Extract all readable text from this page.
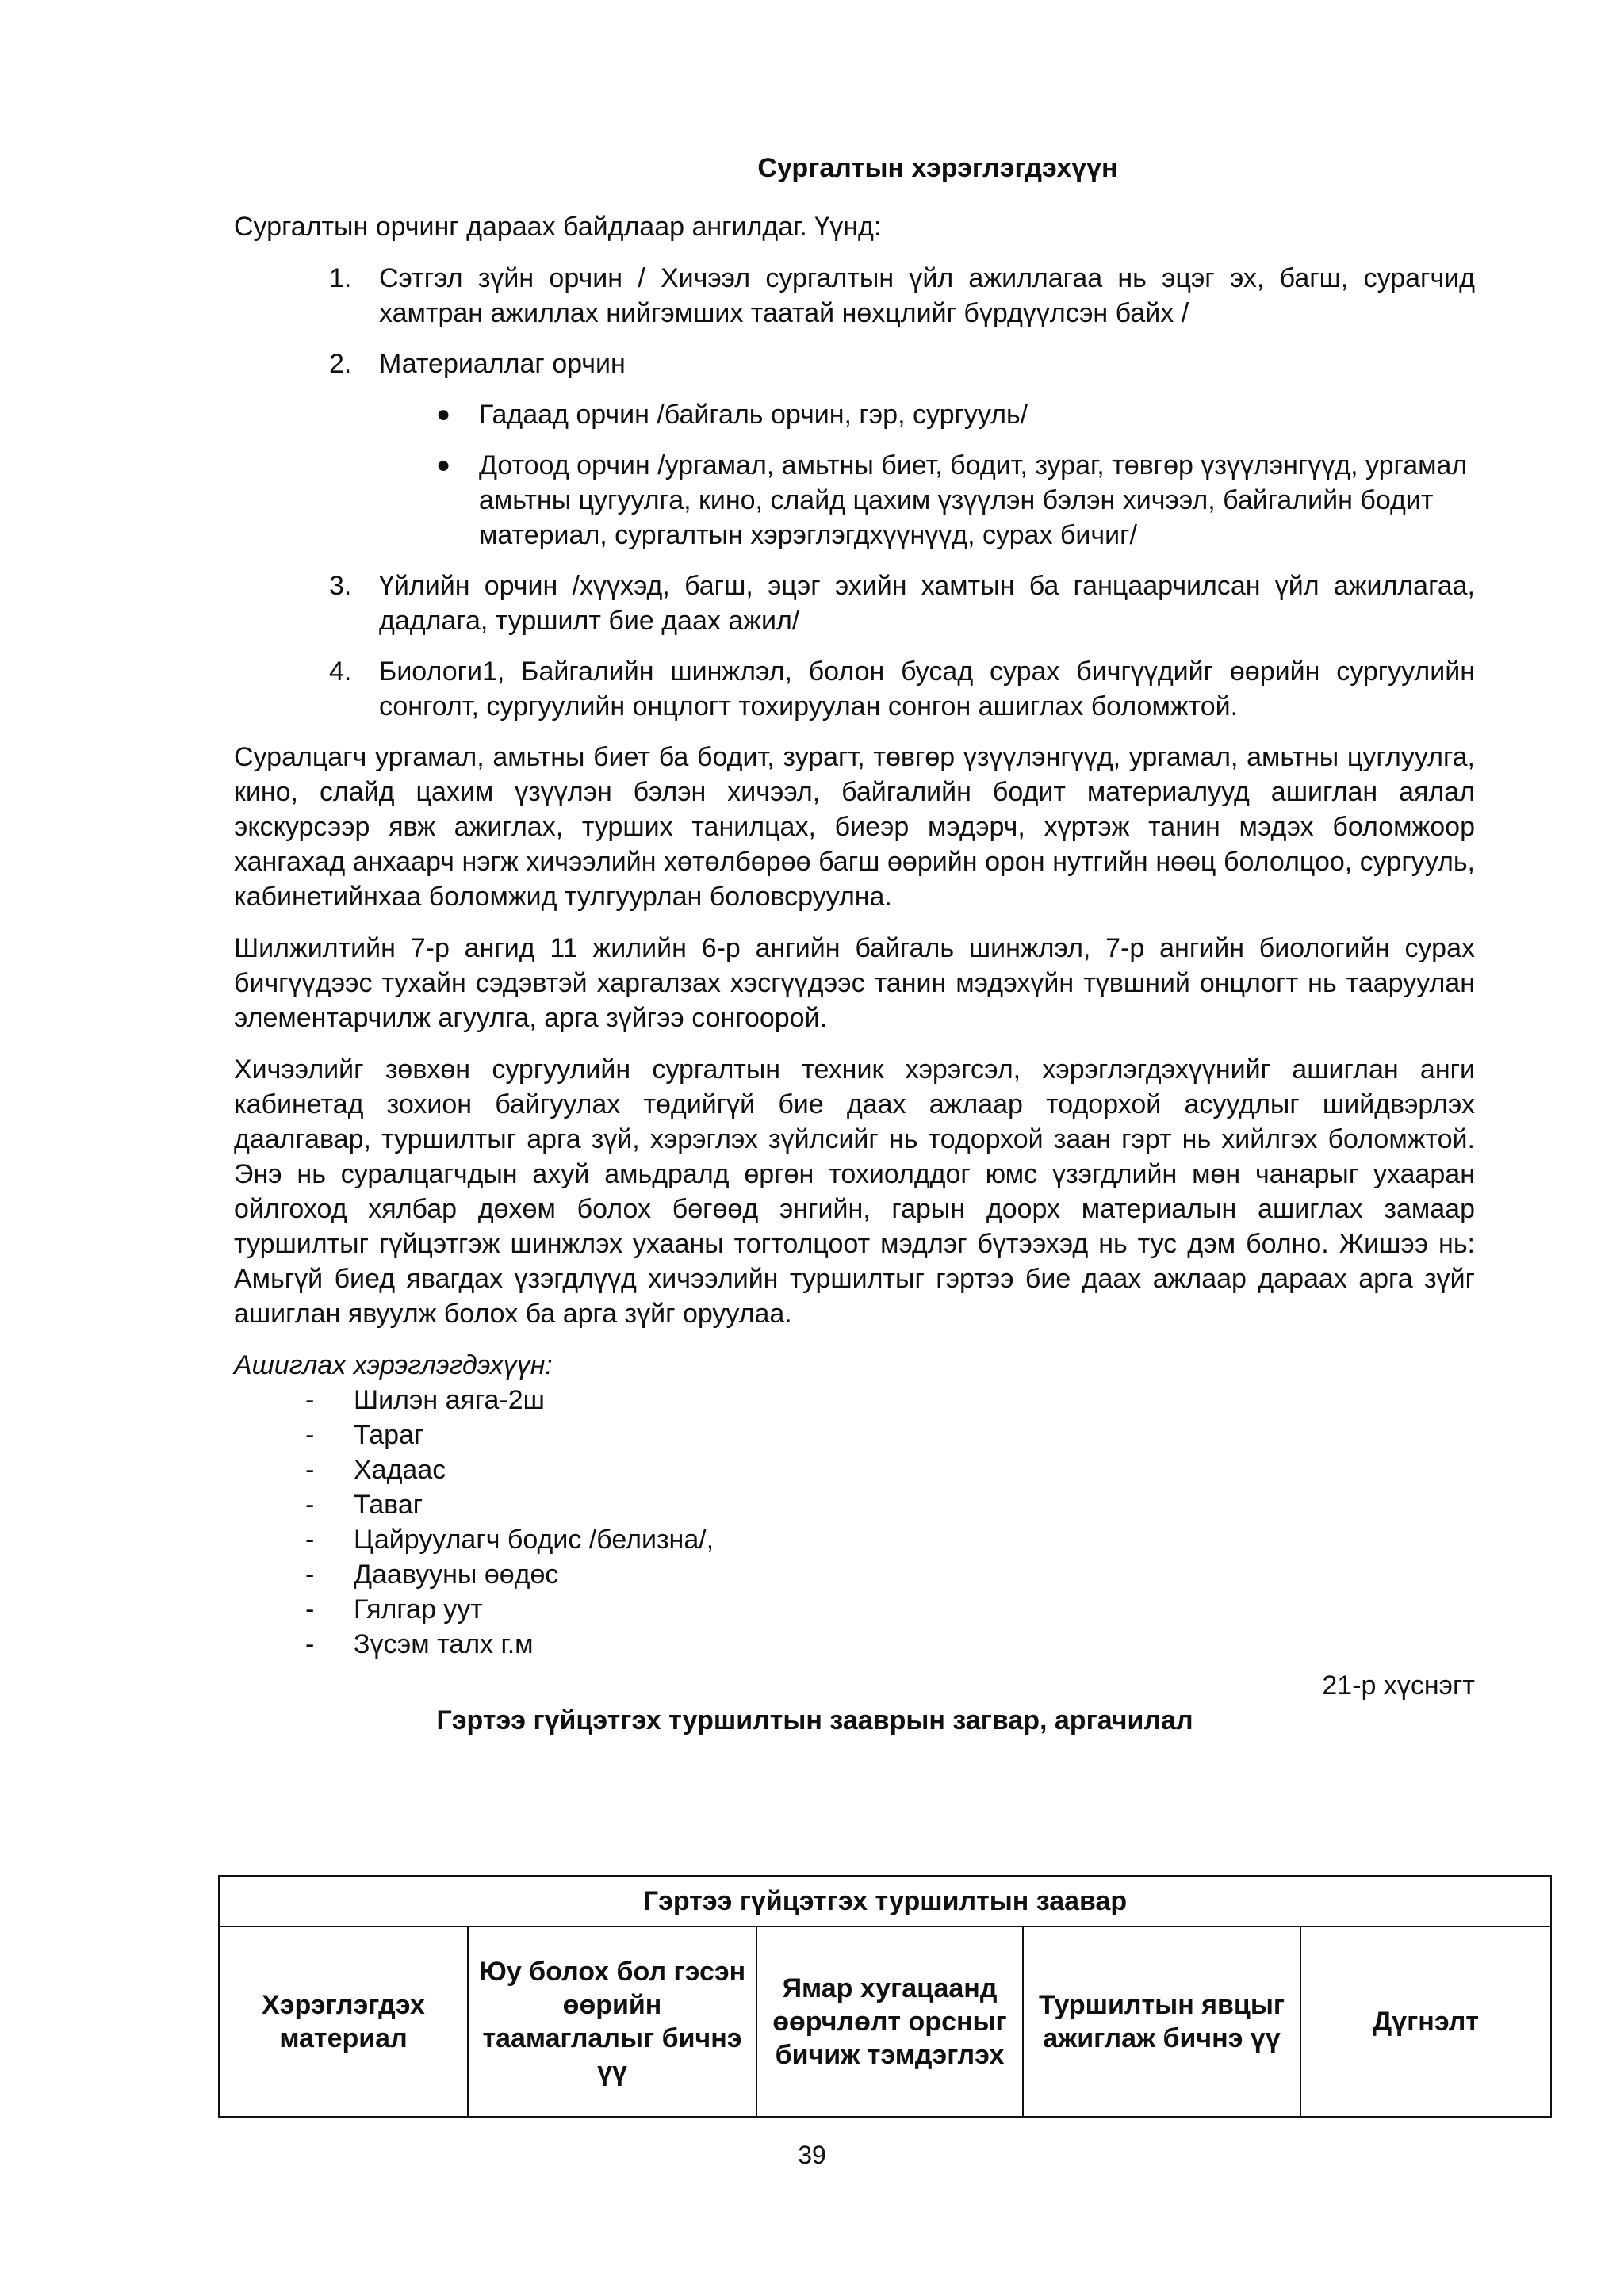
Сургалтын хэрэглэгдэхүүн
Сургалтын орчинг дараах байдлаар ангилдаг. Үүнд:
1.	Сэтгэл зүйн орчин / Хичээл сургалтын үйл ажиллагаа нь эцэг эх, багш, сурагчид хамтран ажиллах нийгэмших таатай нөхцлийг бүрдүүлсэн байх /
2.	Материаллаг орчин
●	Гадаад орчин /байгаль орчин, гэр, сургууль/
●	Дотоод орчин /ургамал, амьтны биет, бодит, зураг, төвгөр үзүүлэнгүүд, ургамал амьтны цугуулга, кино, слайд цахим үзүүлэн бэлэн хичээл, байгалийн бодит материал, сургалтын хэрэглэгдхүүнүүд, сурах бичиг/
3.	Үйлийн орчин /хүүхэд, багш, эцэг эхийн хамтын ба ганцаарчилсан үйл ажиллагаа, дадлага, туршилт бие даах ажил/
4.	Биологи1, Байгалийн шинжлэл, болон бусад сурах бичгүүдийг өөрийн сургуулийн сонголт, сургуулийн онцлогт тохируулан сонгон ашиглах боломжтой.
Суралцагч ургамал, амьтны биет ба бодит, зурагт, төвгөр үзүүлэнгүүд, ургамал, амьтны цуглуулга, кино, слайд цахим үзүүлэн бэлэн хичээл, байгалийн бодит материалууд ашиглан аялал экскурсээр явж ажиглах, турших танилцах, биеэр мэдэрч, хүртэж танин мэдэх боломжоор хангахад анхаарч нэгж хичээлийн хөтөлбөрөө багш өөрийн орон нутгийн нөөц бололцоо, сургууль, кабинетийнхаа боломжид тулгуурлан боловсруулна.
Шилжилтийн 7-р ангид 11 жилийн 6-р ангийн байгаль шинжлэл, 7-р ангийн биологийн сурах бичгүүдээс тухайн сэдэвтэй харгалзах хэсгүүдээс танин мэдэхүйн түвшний онцлогт нь тааруулан элементарчилж агуулга, арга зүйгээ сонгоорой.
Хичээлийг зөвхөн сургуулийн сургалтын техник хэрэгсэл, хэрэглэгдэхүүнийг ашиглан анги кабинетад зохион байгуулах төдийгүй бие даах ажлаар тодорхой асуудлыг шийдвэрлэх даалгавар, туршилтыг арга зүй, хэрэглэх зүйлсийг нь тодорхой заан гэрт нь хийлгэх боломжтой. Энэ нь суралцагчдын ахуй амьдралд өргөн тохиолддог юмс үзэгдлийн мөн чанарыг ухааран ойлгоход хялбар дөхөм болох бөгөөд энгийн, гарын доорх материалын ашиглах замаар туршилтыг гүйцэтгэж шинжлэх ухааны тогтолцоот мэдлэг бүтээхэд нь тус дэм болно. Жишээ нь: Амьгүй биед явагдах үзэгдлүүд хичээлийн туршилтыг гэртээ бие даах ажлаар дараах арга зүйг ашиглан явуулж болох ба арга зүйг оруулаа.
Ашиглах хэрэглэгдэхүүн:
-	Шилэн аяга-2ш
-	Тараг
-	Хадаас
-	Таваг
-	Цайруулагч бодис /белизна/,
-	Даавууны өөдөс
-	Гялгар уут
-	Зүсэм талх г.м
21-р хүснэгт
Гэртээ гүйцэтгэх туршилтын зааврын загвар, аргачилал
Гэртээ гүйцэтгэх туршилтын заавар
Хэрэглэгдэх материал	Юу болох бол гэсэн өөрийн таамаглалыг бичнэ үү	Ямар хугацаанд өөрчлөлт орсныг бичиж тэмдэглэх	Туршилтын явцыг ажиглаж бичнэ үү	Дүгнэлт
39
